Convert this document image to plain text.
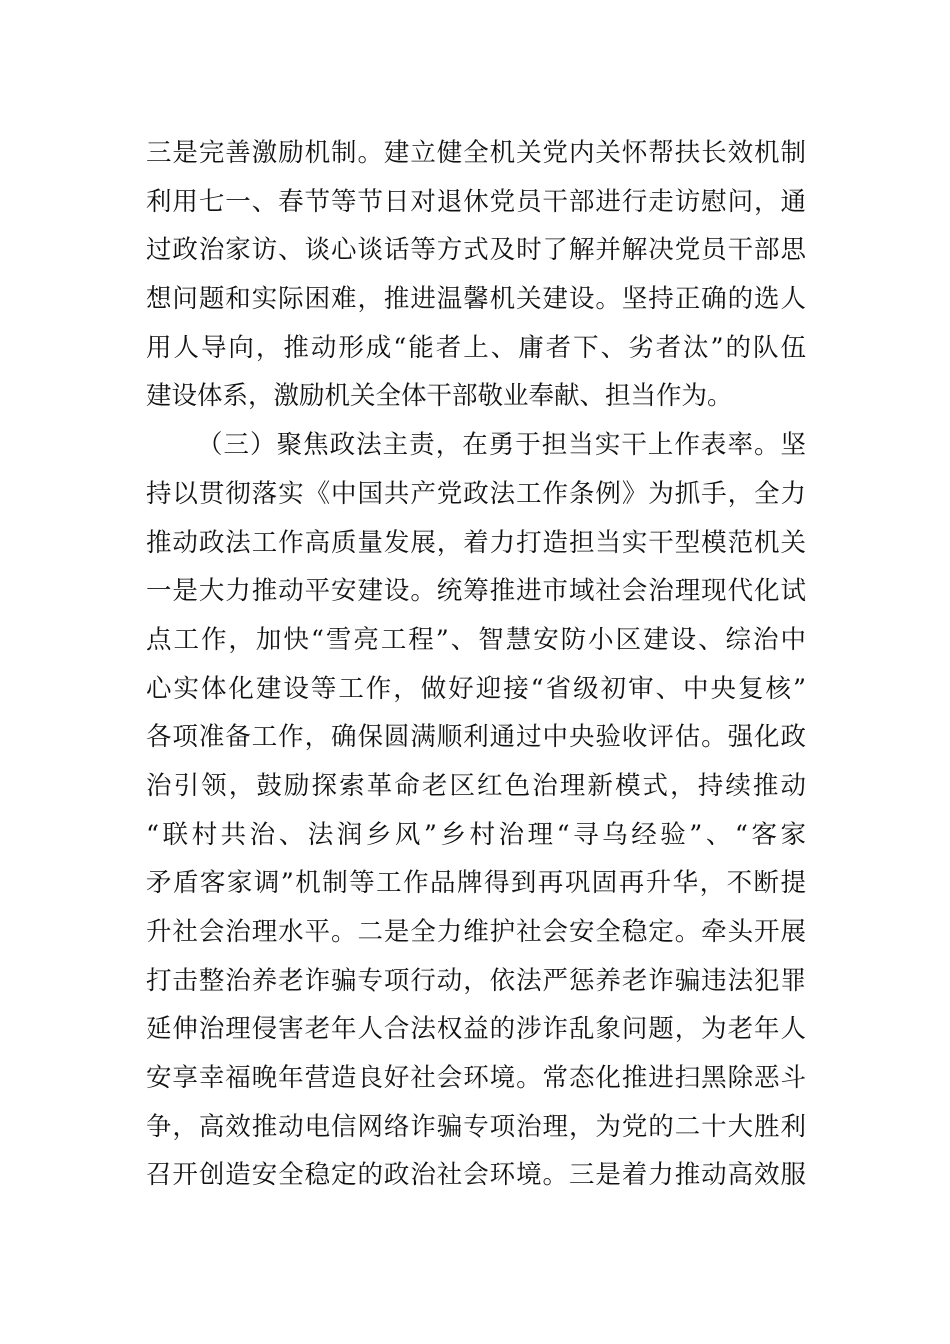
三是完善激励机制。建立健全机关党内关怀帮扶长效机制
利用七一、春节等节日对退休党员干部进行走访慰问，通
过政治家访、谈心谈话等方式及时了解并解决党员干部思
想问题和实际困难，推进温馨机关建设。坚持正确的选人
用人导向，推动形成“能者上、庸者下、劣者汰”的队伍
建设体系，激励机关全体干部敬业奉献、担当作为。
（三）聚焦政法主责，在勇于担当实干上作表率。坚
持以贯彻落实《中国共产党政法工作条例》为抓手，全力
推动政法工作高质量发展，着力打造担当实干型模范机关
一是大力推动平安建设。统筹推进市域社会治理现代化试
点工作，加快“雪亮工程”、智慧安防小区建设、综治中
心实体化建设等工作，做好迎接“省级初审、中央复核”
各项准备工作，确保圆满顺利通过中央验收评估。强化政
治引领，鼓励探索革命老区红色治理新模式，持续推动
“联村共治、法润乡风”乡村治理“寻乌经验”、“客家
矛盾客家调”机制等工作品牌得到再巩固再升华，不断提
升社会治理水平。二是全力维护社会安全稳定。牵头开展
打击整治养老诈骗专项行动，依法严惩养老诈骗违法犯罪
延伸治理侵害老年人合法权益的涉诈乱象问题，为老年人
安享幸福晚年营造良好社会环境。常态化推进扫黑除恶斗
争，高效推动电信网络诈骗专项治理，为党的二十大胜利
召开创造安全稳定的政治社会环境。三是着力推动高效服
